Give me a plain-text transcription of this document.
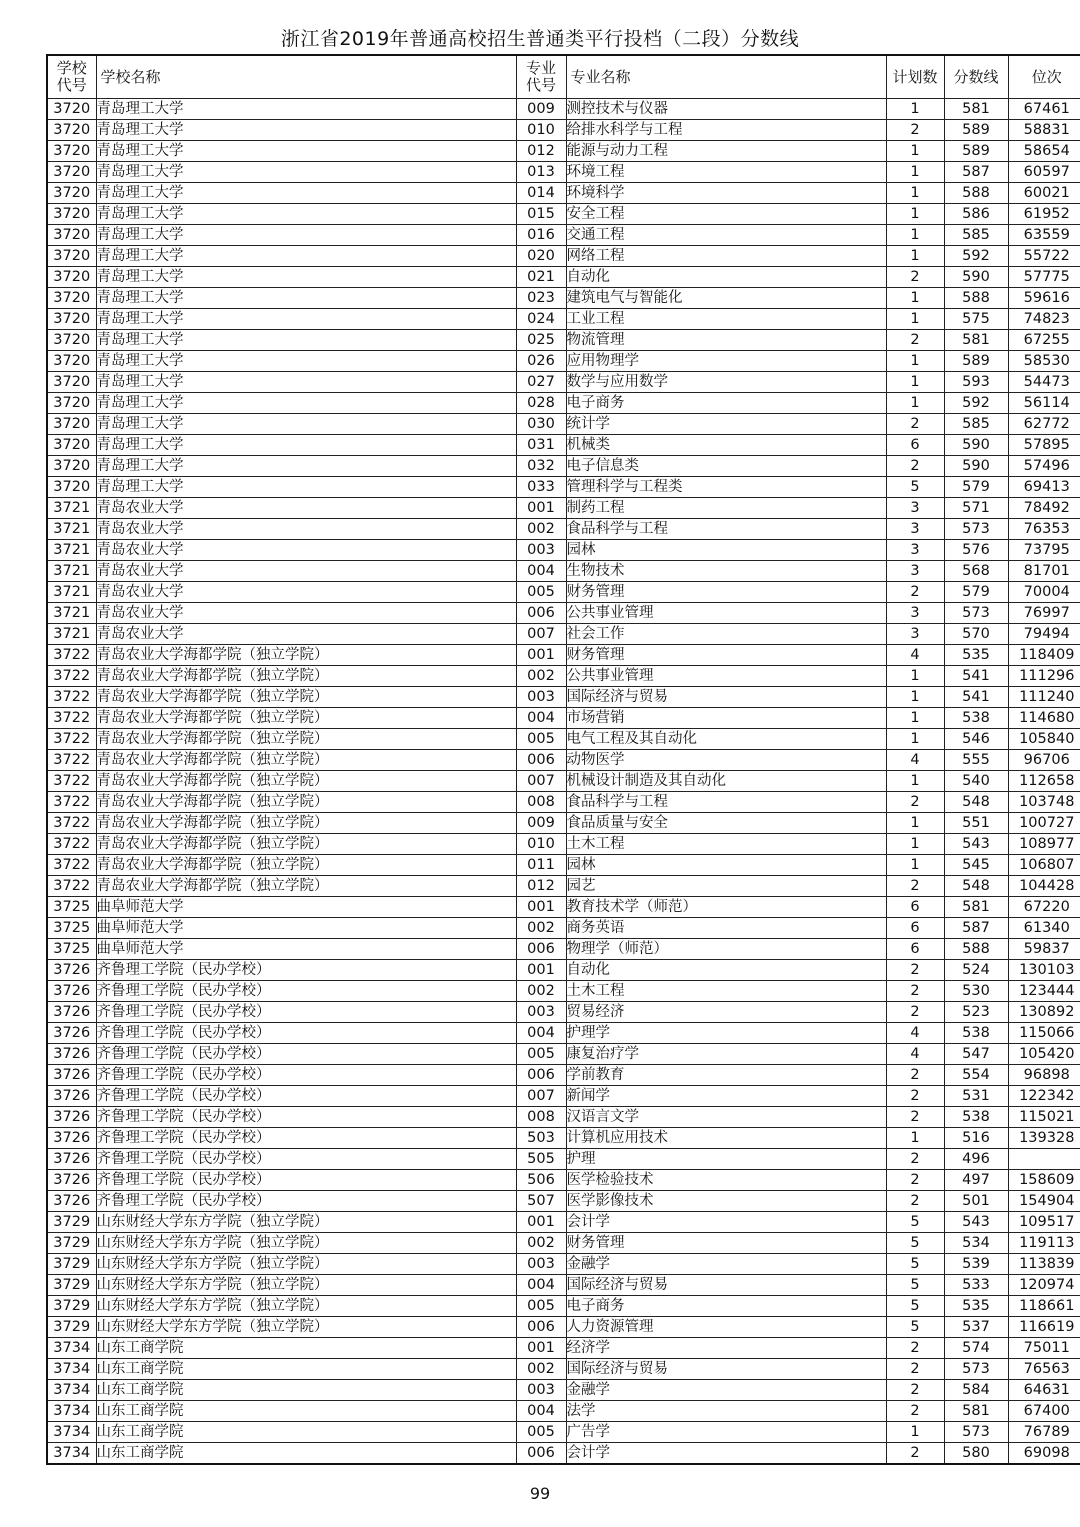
浙江省2019年普通高校招生普通类平行投档（二段）分数线
学校
代号	学校名称	专业
代号	专业名称	计划数	分数线	位次
3720	青岛理工大学	009	测控技术与仪器	1	581	67461
3720	青岛理工大学	010	给排水科学与工程	2	589	58831
3720	青岛理工大学	012	能源与动力工程	1	589	58654
3720	青岛理工大学	013	环境工程	1	587	60597
3720	青岛理工大学	014	环境科学	1	588	60021
3720	青岛理工大学	015	安全工程	1	586	61952
3720	青岛理工大学	016	交通工程	1	585	63559
3720	青岛理工大学	020	网络工程	1	592	55722
3720	青岛理工大学	021	自动化	2	590	57775
3720	青岛理工大学	023	建筑电气与智能化	1	588	59616
3720	青岛理工大学	024	工业工程	1	575	74823
3720	青岛理工大学	025	物流管理	2	581	67255
3720	青岛理工大学	026	应用物理学	1	589	58530
3720	青岛理工大学	027	数学与应用数学	1	593	54473
3720	青岛理工大学	028	电子商务	1	592	56114
3720	青岛理工大学	030	统计学	2	585	62772
3720	青岛理工大学	031	机械类	6	590	57895
3720	青岛理工大学	032	电子信息类	2	590	57496
3720	青岛理工大学	033	管理科学与工程类	5	579	69413
3721	青岛农业大学	001	制药工程	3	571	78492
3721	青岛农业大学	002	食品科学与工程	3	573	76353
3721	青岛农业大学	003	园林	3	576	73795
3721	青岛农业大学	004	生物技术	3	568	81701
3721	青岛农业大学	005	财务管理	2	579	70004
3721	青岛农业大学	006	公共事业管理	3	573	76997
3721	青岛农业大学	007	社会工作	3	570	79494
3722	青岛农业大学海都学院（独立学院）	001	财务管理	4	535	118409
3722	青岛农业大学海都学院（独立学院）	002	公共事业管理	1	541	111296
3722	青岛农业大学海都学院（独立学院）	003	国际经济与贸易	1	541	111240
3722	青岛农业大学海都学院（独立学院）	004	市场营销	1	538	114680
3722	青岛农业大学海都学院（独立学院）	005	电气工程及其自动化	1	546	105840
3722	青岛农业大学海都学院（独立学院）	006	动物医学	4	555	96706
3722	青岛农业大学海都学院（独立学院）	007	机械设计制造及其自动化	1	540	112658
3722	青岛农业大学海都学院（独立学院）	008	食品科学与工程	2	548	103748
3722	青岛农业大学海都学院（独立学院）	009	食品质量与安全	1	551	100727
3722	青岛农业大学海都学院（独立学院）	010	土木工程	1	543	108977
3722	青岛农业大学海都学院（独立学院）	011	园林	1	545	106807
3722	青岛农业大学海都学院（独立学院）	012	园艺	2	548	104428
3725	曲阜师范大学	001	教育技术学（师范）	6	581	67220
3725	曲阜师范大学	002	商务英语	6	587	61340
3725	曲阜师范大学	006	物理学（师范）	6	588	59837
3726	齐鲁理工学院（民办学校）	001	自动化	2	524	130103
3726	齐鲁理工学院（民办学校）	002	土木工程	2	530	123444
3726	齐鲁理工学院（民办学校）	003	贸易经济	2	523	130892
3726	齐鲁理工学院（民办学校）	004	护理学	4	538	115066
3726	齐鲁理工学院（民办学校）	005	康复治疗学	4	547	105420
3726	齐鲁理工学院（民办学校）	006	学前教育	2	554	96898
3726	齐鲁理工学院（民办学校）	007	新闻学	2	531	122342
3726	齐鲁理工学院（民办学校）	008	汉语言文学	2	538	115021
3726	齐鲁理工学院（民办学校）	503	计算机应用技术	1	516	139328
3726	齐鲁理工学院（民办学校）	505	护理	2	496	
3726	齐鲁理工学院（民办学校）	506	医学检验技术	2	497	158609
3726	齐鲁理工学院（民办学校）	507	医学影像技术	2	501	154904
3729	山东财经大学东方学院（独立学院）	001	会计学	5	543	109517
3729	山东财经大学东方学院（独立学院）	002	财务管理	5	534	119113
3729	山东财经大学东方学院（独立学院）	003	金融学	5	539	113839
3729	山东财经大学东方学院（独立学院）	004	国际经济与贸易	5	533	120974
3729	山东财经大学东方学院（独立学院）	005	电子商务	5	535	118661
3729	山东财经大学东方学院（独立学院）	006	人力资源管理	5	537	116619
3734	山东工商学院	001	经济学	2	574	75011
3734	山东工商学院	002	国际经济与贸易	2	573	76563
3734	山东工商学院	003	金融学	2	584	64631
3734	山东工商学院	004	法学	2	581	67400
3734	山东工商学院	005	广告学	1	573	76789
3734	山东工商学院	006	会计学	2	580	69098
99
